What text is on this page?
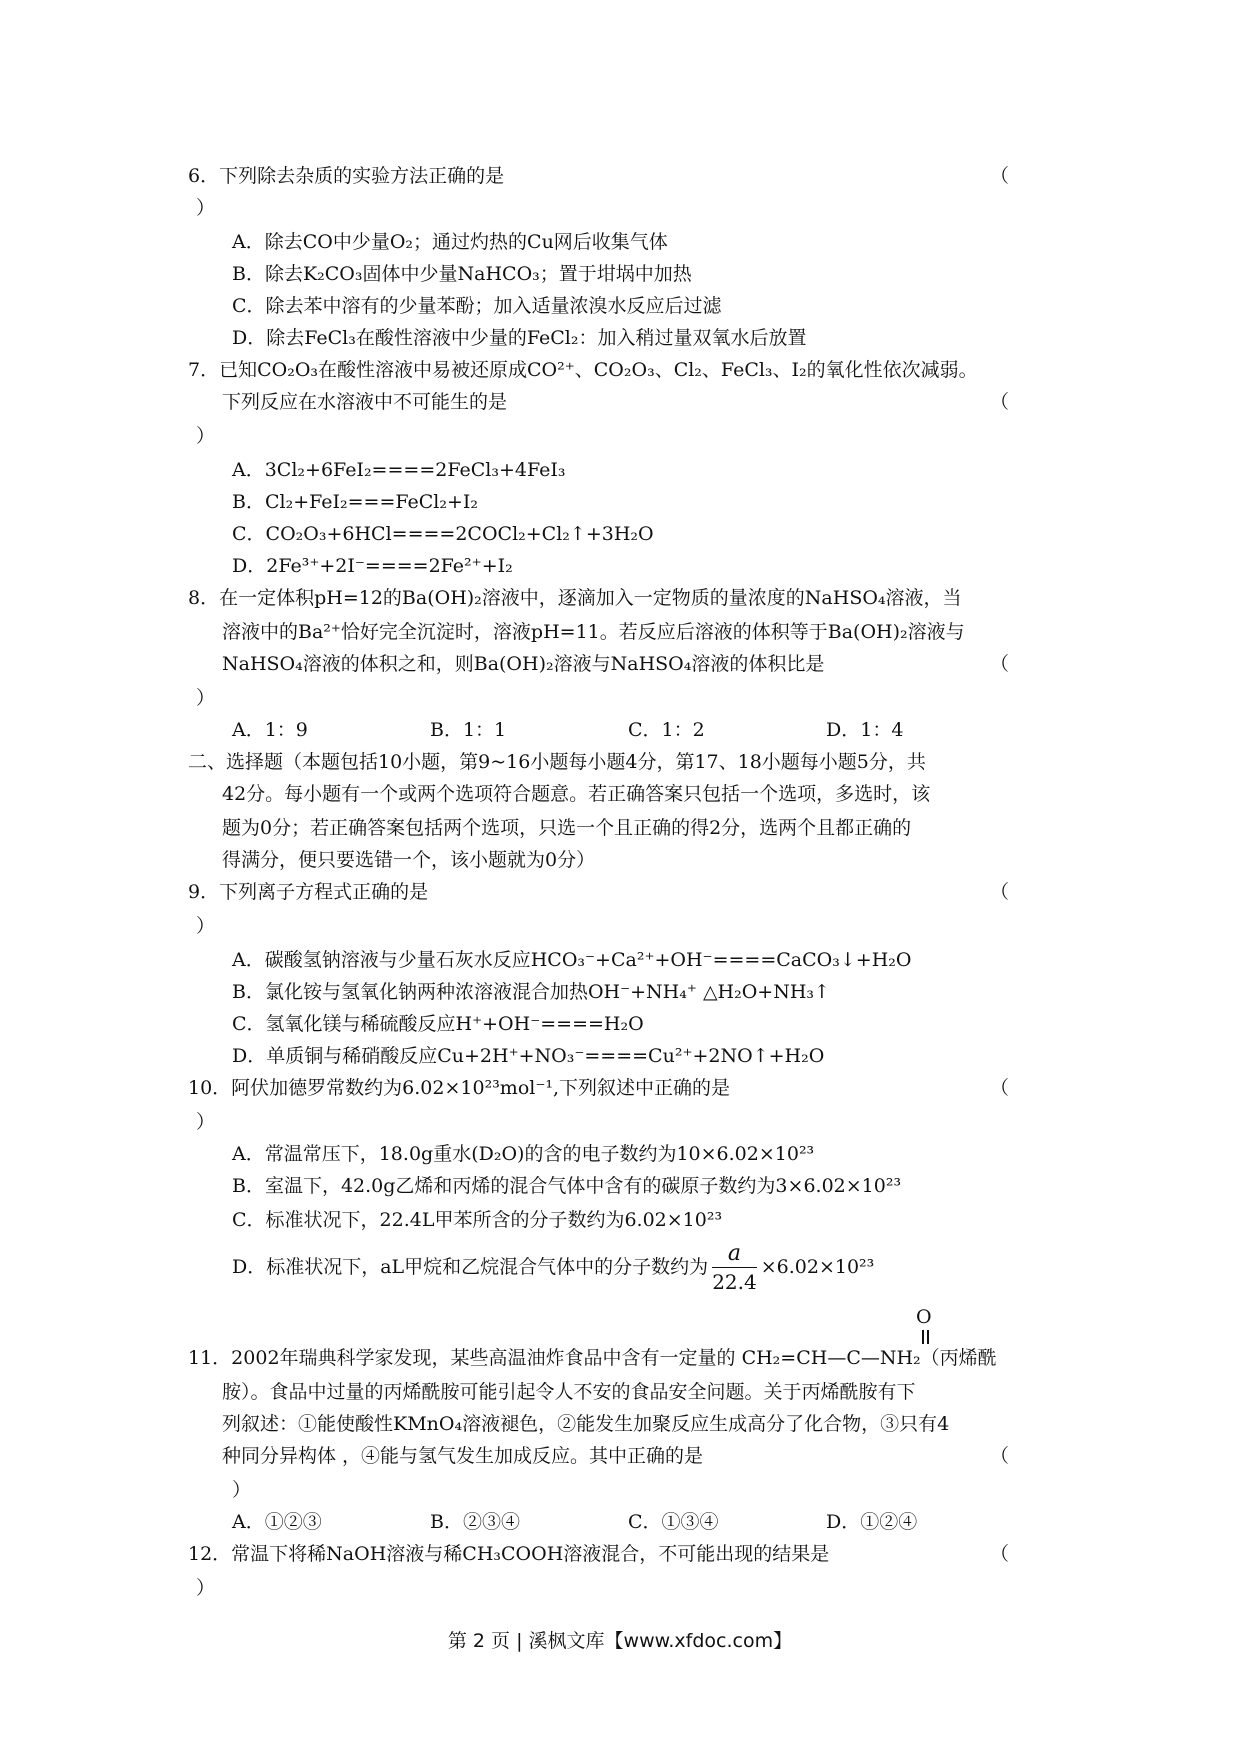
6．下列除去杂质的实验方法正确的是	（
）
A．除去CO中少量O₂；通过灼热的Cu网后收集气体
B．除去K₂CO₃固体中少量NaHCO₃；置于坩埚中加热
C．除去苯中溶有的少量苯酚；加入适量浓溴水反应后过滤
D．除去FeCl₃在酸性溶液中少量的FeCl₂：加入稍过量双氧水后放置
7．已知CO₂O₃在酸性溶液中易被还原成CO²⁺、CO₂O₃、Cl₂、FeCl₃、I₂的氧化性依次减弱。
下列反应在水溶液中不可能生的是	（
）
A．3Cl₂+6FeI₂====2FeCl₃+4FeI₃
B．Cl₂+FeI₂===FeCl₂+I₂
C．CO₂O₃+6HCl====2COCl₂+Cl₂↑+3H₂O
D．2Fe³⁺+2I⁻====2Fe²⁺+I₂
8．在一定体积pH=12的Ba(OH)₂溶液中，逐滴加入一定物质的量浓度的NaHSO₄溶液，当
溶液中的Ba²⁺恰好完全沉淀时，溶液pH=11。若反应后溶液的体积等于Ba(OH)₂溶液与
NaHSO₄溶液的体积之和，则Ba(OH)₂溶液与NaHSO₄溶液的体积比是	（
）
A．1：9	B．1：1	C．1：2	D．1：4
二、选择题（本题包括10小题，第9~16小题每小题4分，第17、18小题每小题5分，共
42分。每小题有一个或两个选项符合题意。若正确答案只包括一个选项，多选时，该
题为0分；若正确答案包括两个选项，只选一个且正确的得2分，选两个且都正确的
得满分，便只要选错一个，该小题就为0分）
9．下列离子方程式正确的是	（
）
A．碳酸氢钠溶液与少量石灰水反应HCO₃⁻+Ca²⁺+OH⁻====CaCO₃↓+H₂O
B．氯化铵与氢氧化钠两种浓溶液混合加热OH⁻+NH₄⁺ △H₂O+NH₃↑
C．氢氧化镁与稀硫酸反应H⁺+OH⁻====H₂O
D．单质铜与稀硝酸反应Cu+2H⁺+NO₃⁻====Cu²⁺+2NO↑+H₂O
10．阿伏加德罗常数约为6.02×10²³mol⁻¹,下列叙述中正确的是	（
）
A．常温常压下，18.0g重水(D₂O)的含的电子数约为10×6.02×10²³
B．室温下，42.0g乙烯和丙烯的混合气体中含有的碳原子数约为3×6.02×10²³
C．标准状况下，22.4L甲苯所含的分子数约为6.02×10²³
D．标准状况下，aL甲烷和乙烷混合气体中的分子数约为 $\frac{a}{22.4} \times 6.02\times 10^{23}$
O
11．2002年瑞典科学家发现，某些高温油炸食品中含有一定量的 CH₂=CH—C—NH₂（丙烯酰
胺）。食品中过量的丙烯酰胺可能引起令人不安的食品安全问题。关于丙烯酰胺有下
列叙述：①能使酸性KMnO₄溶液褪色，②能发生加聚反应生成高分了化合物，③只有4
种同分异构体 ，④能与氢气发生加成反应。其中正确的是	（
）
A．①②③	B．②③④	C．①③④	D．①②④
12．常温下将稀NaOH溶液与稀CH₃COOH溶液混合，不可能出现的结果是	（
）
第 2 页 | 溪枫文库【www.xfdoc.com】
